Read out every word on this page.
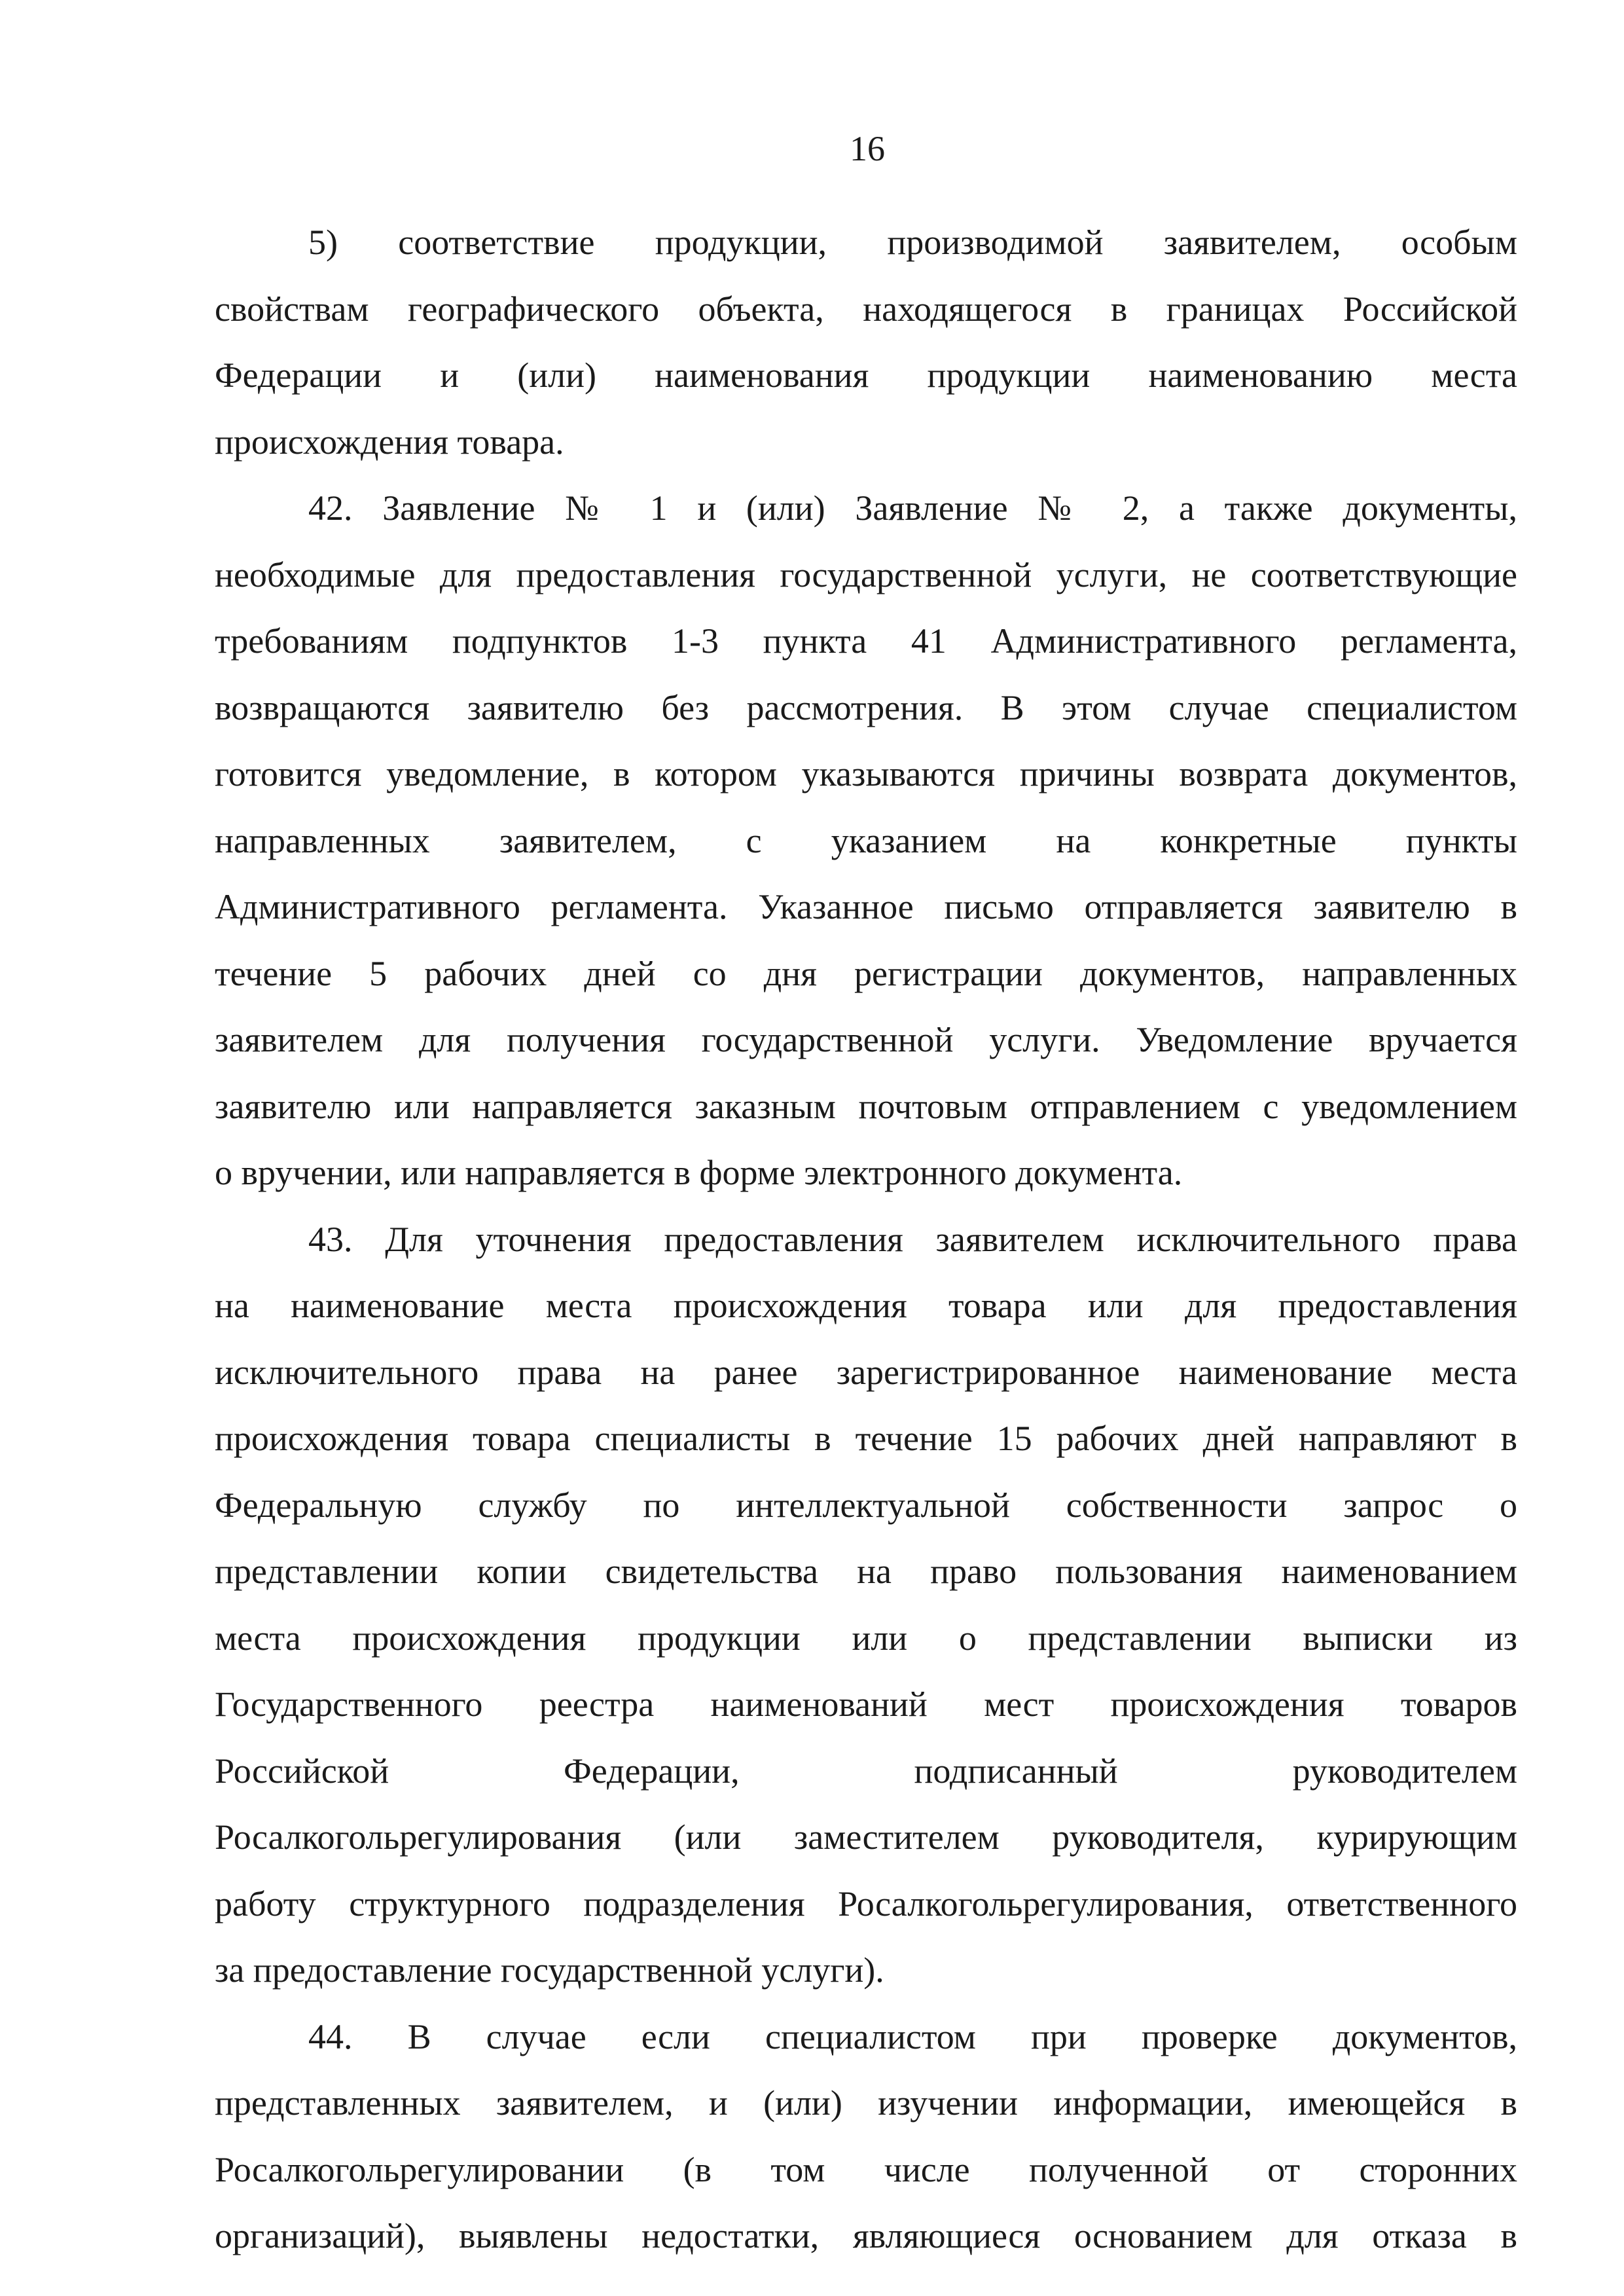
16
5) соответствие продукции, производимой заявителем, особым
свойствам географического объекта, находящегося в границах Российской
Федерации и (или) наименования продукции наименованию места
происхождения товара.
42. Заявление № 1 и (или) Заявление № 2, а также документы,
необходимые для предоставления государственной услуги, не соответствующие
требованиям подпунктов 1-3 пункта 41 Административного регламента,
возвращаются заявителю без рассмотрения. В этом случае специалистом
готовится уведомление, в котором указываются причины возврата документов,
направленных заявителем, с указанием на конкретные пункты
Административного регламента. Указанное письмо отправляется заявителю в
течение 5 рабочих дней со дня регистрации документов, направленных
заявителем для получения государственной услуги. Уведомление вручается
заявителю или направляется заказным почтовым отправлением с уведомлением
о вручении, или направляется в форме электронного документа.
43. Для уточнения предоставления заявителем исключительного права
на наименование места происхождения товара или для предоставления
исключительного права на ранее зарегистрированное наименование места
происхождения товара специалисты в течение 15 рабочих дней направляют в
Федеральную службу по интеллектуальной собственности запрос о
представлении копии свидетельства на право пользования наименованием
места происхождения продукции или о представлении выписки из
Государственного реестра наименований мест происхождения товаров
Российской Федерации, подписанный руководителем
Росалкогольрегулирования (или заместителем руководителя, курирующим
работу структурного подразделения Росалкогольрегулирования, ответственного
за предоставление государственной услуги).
44. В случае если специалистом при проверке документов,
представленных заявителем, и (или) изучении информации, имеющейся в
Росалкогольрегулировании (в том числе полученной от сторонних
организаций), выявлены недостатки, являющиеся основанием для отказа в
